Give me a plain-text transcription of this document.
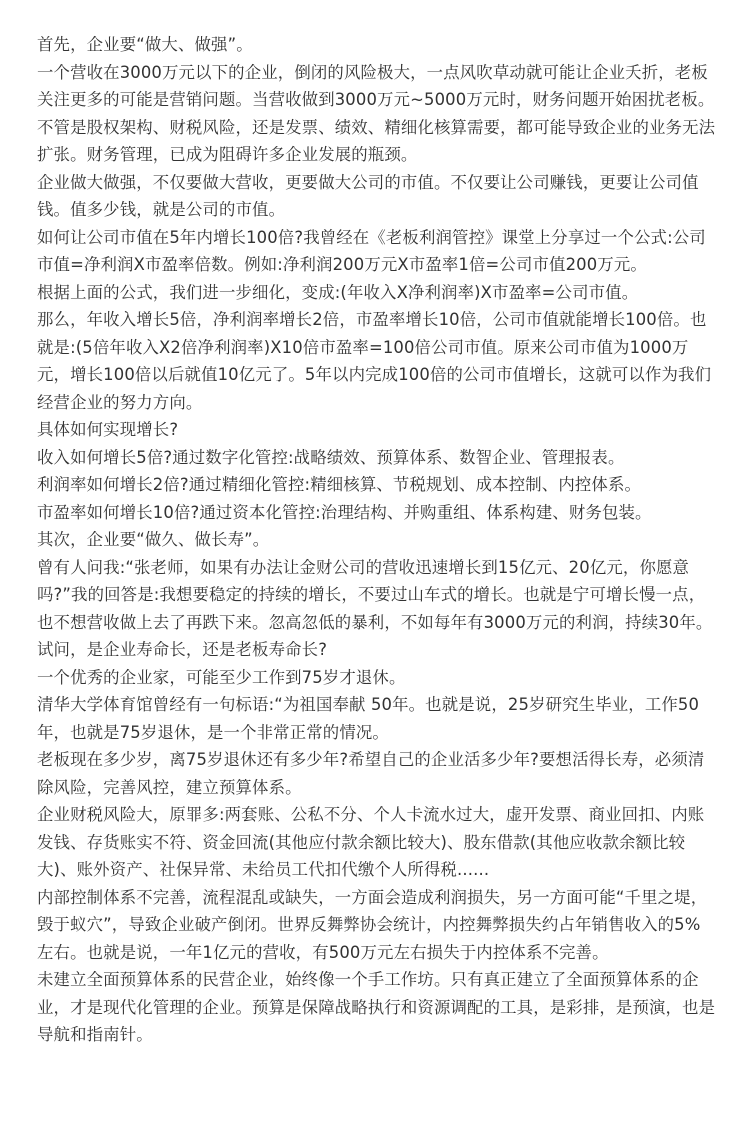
首先，企业要“做大、做强”。

一个营收在3000万元以下的企业，倒闭的风险极大，一点风吹草动就可能让企业夭折，老板关注更多的可能是营销问题。当营收做到3000万元~5000万元时，财务问题开始困扰老板。不管是股权架构、财税风险，还是发票、绩效、精细化核算需要，都可能导致企业的业务无法扩张。财务管理，已成为阻碍许多企业发展的瓶颈。

企业做大做强，不仅要做大营收，更要做大公司的市值。不仅要让公司赚钱，更要让公司值钱。值多少钱，就是公司的市值。

如何让公司市值在5年内增长100倍?我曾经在《老板利润管控》课堂上分享过一个公式:公司市值=净利润X市盈率倍数。例如:净利润200万元X市盈率1倍=公司市值200万元。

根据上面的公式，我们进一步细化，变成:(年收入X净利润率)X市盈率=公司市值。

那么，年收入增长5倍，净利润率增长2倍，市盈率增长10倍，公司市值就能增长100倍。也就是:(5倍年收入X2倍净利润率)X10倍市盈率=100倍公司市值。原来公司市值为1000万元，增长100倍以后就值10亿元了。5年以内完成100倍的公司市值增长，这就可以作为我们经营企业的努力方向。

具体如何实现增长?

收入如何增长5倍?通过数字化管控:战略绩效、预算体系、数智企业、管理报表。

利润率如何增长2倍?通过精细化管控:精细核算、节税规划、成本控制、内控体系。

市盈率如何增长10倍?通过资本化管控:治理结构、并购重组、体系构建、财务包装。

其次，企业要“做久、做长寿”。

曾有人问我:“张老师，如果有办法让金财公司的营收迅速增长到15亿元、20亿元，你愿意吗?”我的回答是:我想要稳定的持续的增长，不要过山车式的增长。也就是宁可增长慢一点，也不想营收做上去了再跌下来。忽高忽低的暴利，不如每年有3000万元的利润，持续30年。

试问，是企业寿命长，还是老板寿命长?

一个优秀的企业家，可能至少工作到75岁才退休。

清华大学体育馆曾经有一句标语:“为祖国奉献 50年。也就是说，25岁研究生毕业，工作50年，也就是75岁退休，是一个非常正常的情况。

老板现在多少岁，离75岁退休还有多少年?希望自己的企业活多少年?要想活得长寿，必须清除风险，完善风控，建立预算体系。

企业财税风险大，原罪多:两套账、公私不分、个人卡流水过大，虚开发票、商业回扣、内账发钱、存货账实不符、资金回流(其他应付款余额比较大)、股东借款(其他应收款余额比较大)、账外资产、社保异常、未给员工代扣代缴个人所得税......

内部控制体系不完善，流程混乱或缺失，一方面会造成利润损失，另一方面可能“千里之堤，毁于蚁穴”，导致企业破产倒闭。世界反舞弊协会统计，内控舞弊损失约占年销售收入的5%左右。也就是说，一年1亿元的营收，有500万元左右损失于内控体系不完善。

未建立全面预算体系的民营企业，始终像一个手工作坊。只有真正建立了全面预算体系的企业，才是现代化管理的企业。预算是保障战略执行和资源调配的工具，是彩排，是预演，也是导航和指南针。
